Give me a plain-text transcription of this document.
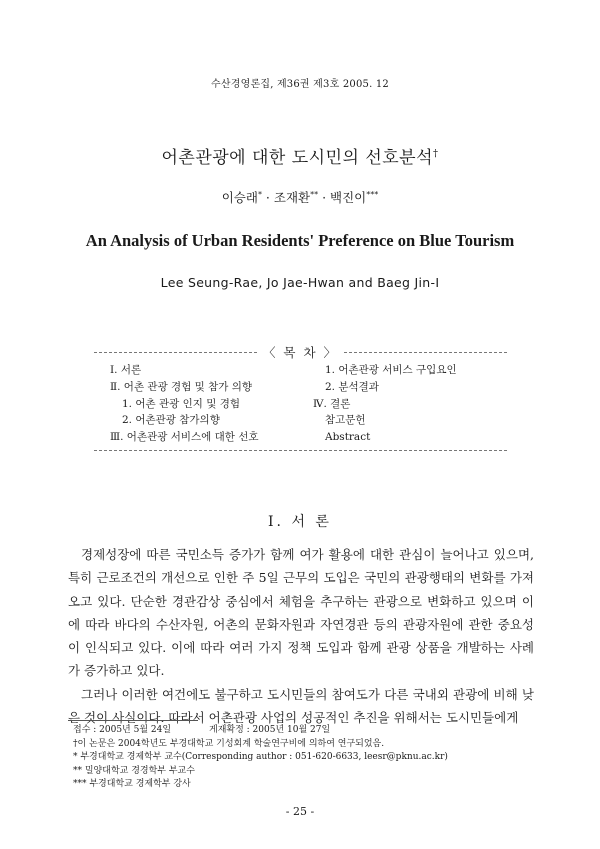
수산경영론집, 제36권 제3호 2005. 12
어촌관광에 대한 도시민의 선호분석†
이승래* · 조재환** · 백진이***
An Analysis of Urban Residents' Preference on Blue Tourism
Lee Seung-Rae, Jo Jae-Hwan and Baeg Jin-I
〈 목 차 〉
Ⅰ. 서론
Ⅱ. 어촌 관광 경험 및 참가 의향
1. 어촌 관광 인지 및 경험
2. 어촌관광 참가의향
Ⅲ. 어촌관광 서비스에 대한 선호
1. 어촌관광 서비스 구입요인
2. 분석결과
Ⅳ. 결론
참고문헌
Abstract
Ⅰ. 서 론

경제성장에 따른 국민소득 증가가 함께 여가 활용에 대한 관심이 늘어나고 있으며, 특히 근로조건의 개선으로 인한 주 5일 근무의 도입은 국민의 관광행태의 변화를 가져오고 있다. 단순한 경관감상 중심에서 체험을 추구하는 관광으로 변화하고 있으며 이에 따라 바다의 수산자원, 어촌의 문화자원과 자연경관 등의 관광자원에 관한 중요성이 인식되고 있다. 이에 따라 여러 가지 정책 도입과 함께 관광 상품을 개발하는 사례가 증가하고 있다.

그러나 이러한 여건에도 불구하고 도시민들의 참여도가 다른 국내외 관광에 비해 낮은 것이 사실이다. 따라서 어촌관광 사업의 성공적인 추진을 위해서는 도시민들에게

접수 : 2005년 5월 24일	게재확정 : 2005년 10월 27일
†이 논문은 2004학년도 부경대학교 기성회계 학술연구비에 의하여 연구되었음.
* 부경대학교 경제학부 교수(Corresponding author : 051-620-6633, leesr@pknu.ac.kr)
** 밀양대학교 경경학부 부교수
*** 부경대학교 경제학부 강사
- 25 -
